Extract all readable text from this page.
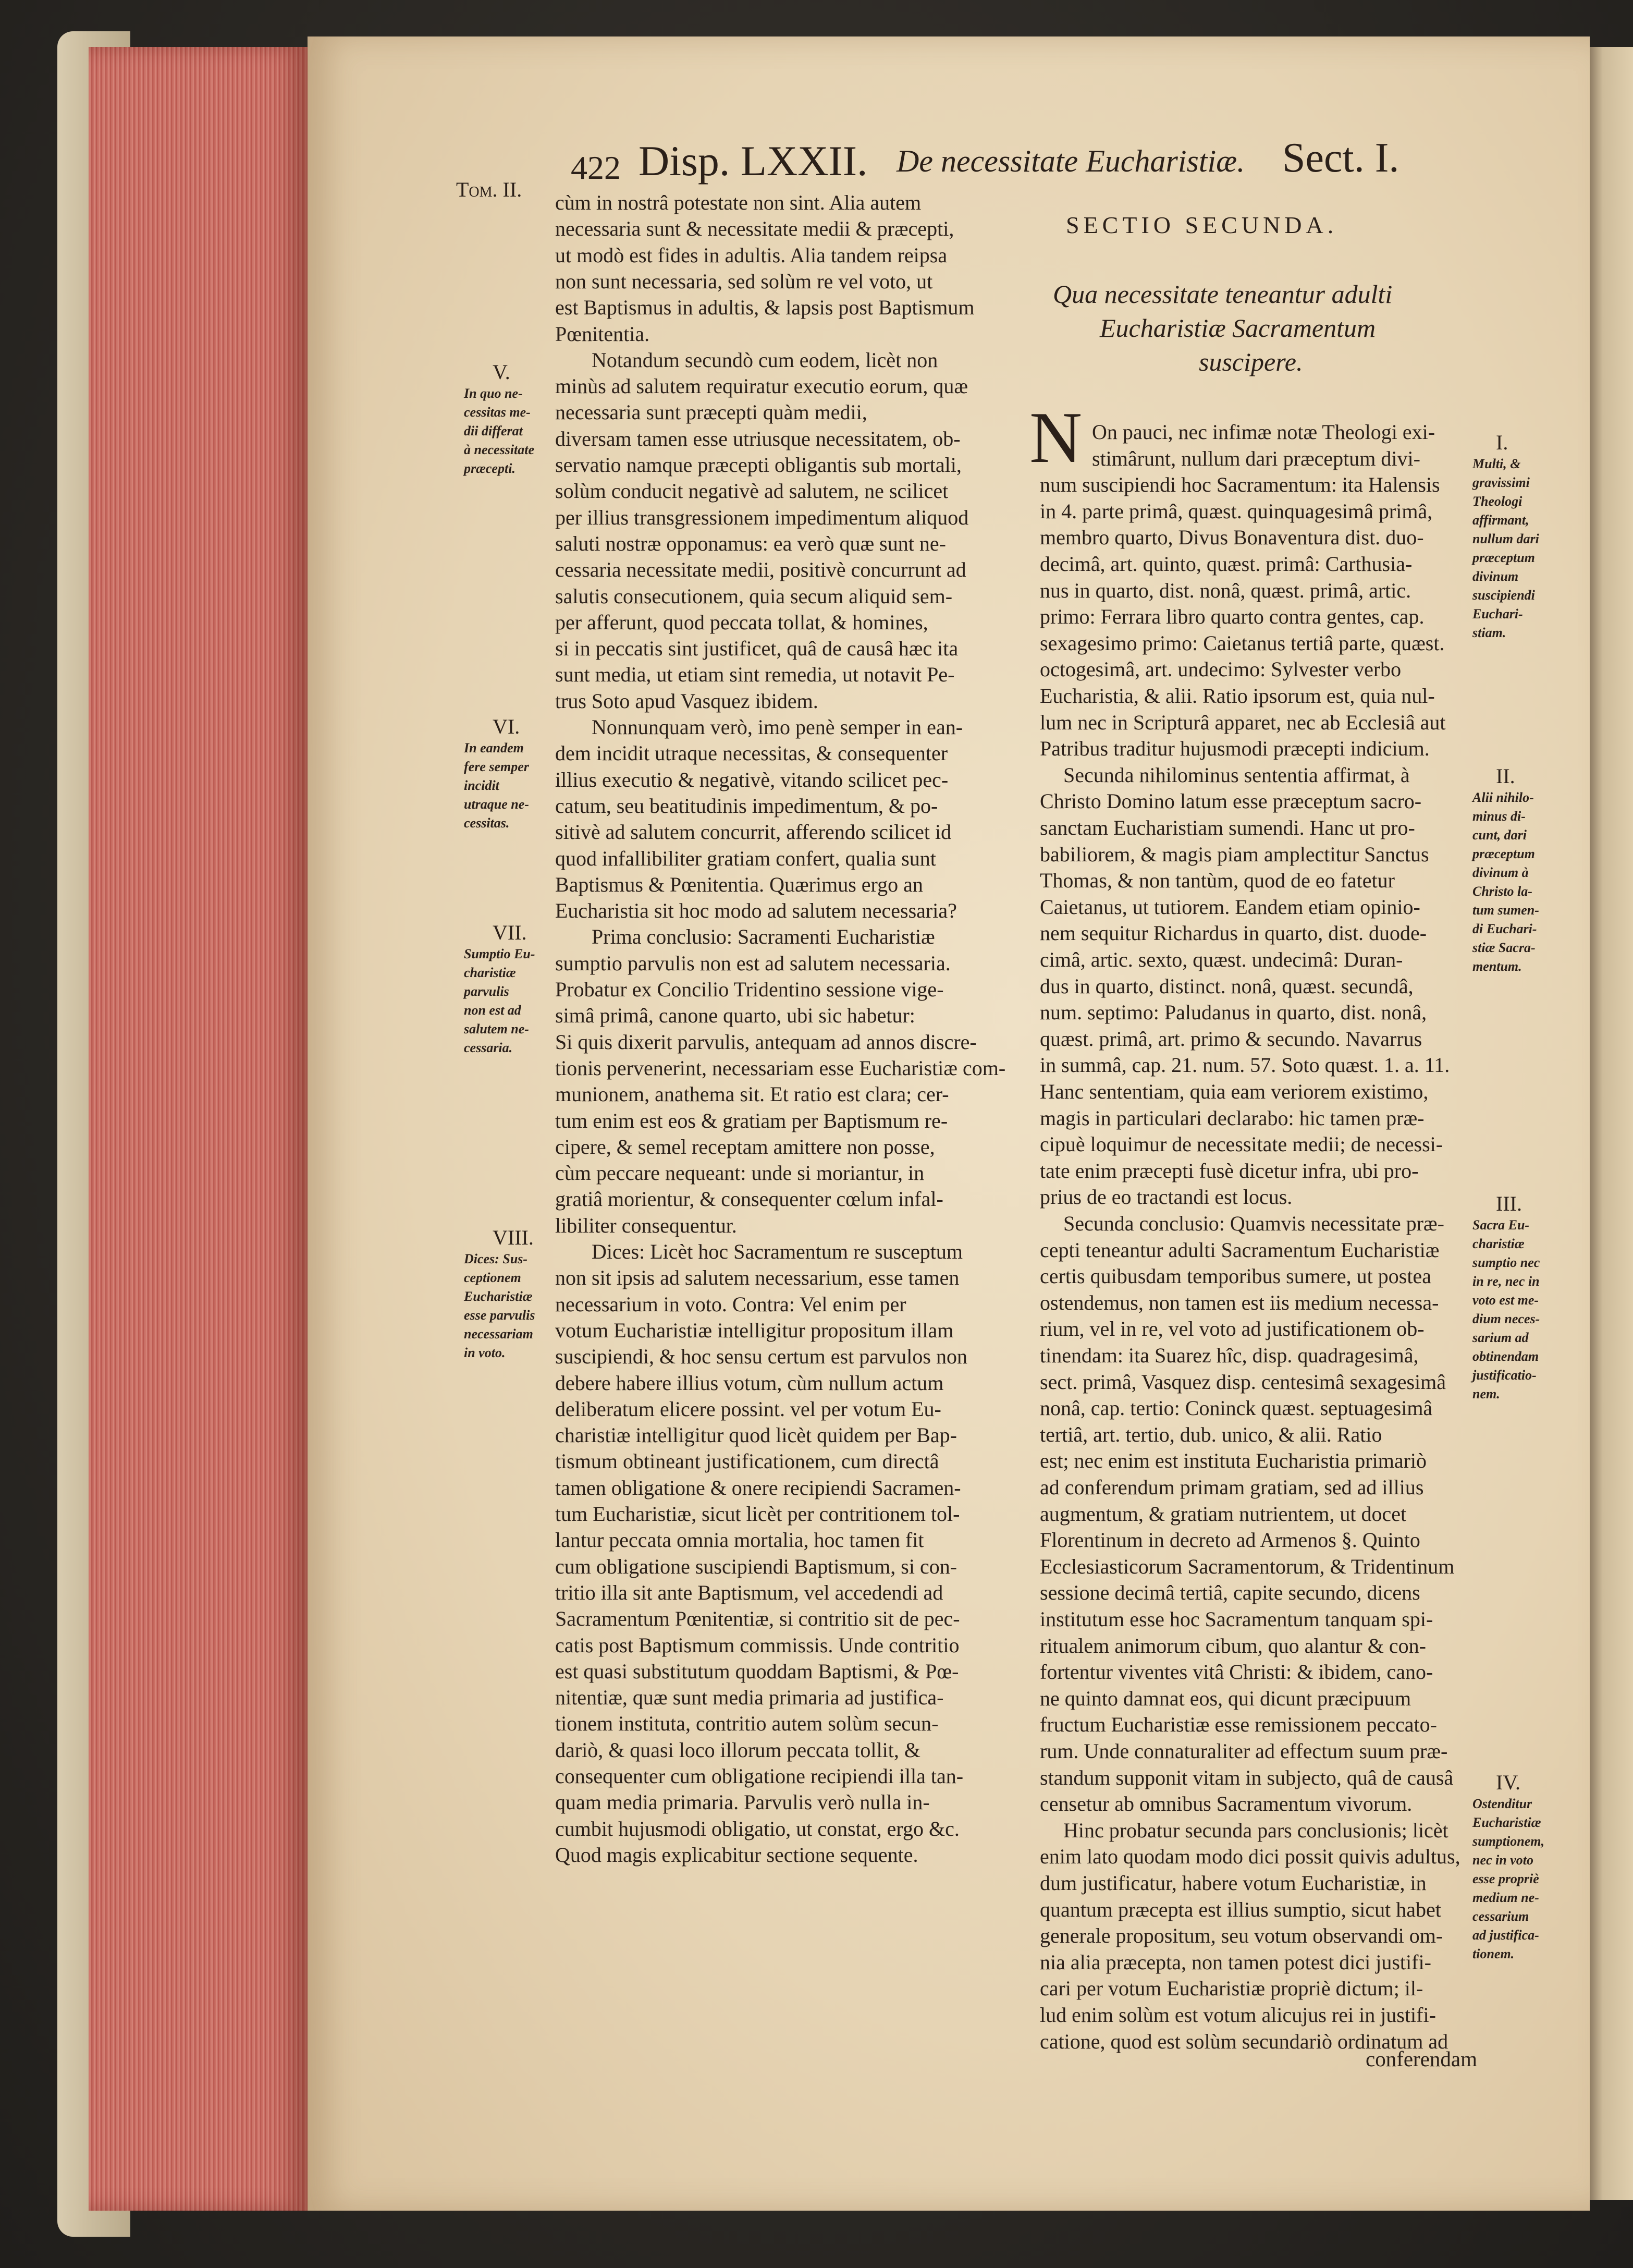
Tom. II.
422 Disp. LXXII. De necessitate Eucharistiæ. Sect. I.
cùm in nostrâ potestate non sint. Alia autem
necessaria sunt & necessitate medii & præcepti,
ut modò est fides in adultis. Alia tandem reipsa
non sunt necessaria, sed solùm re vel voto, ut
est Baptismus in adultis, & lapsis post Baptismum
Pœnitentia.
Notandum secundò cum eodem, licèt non
minùs ad salutem requiratur executio eorum, quæ
necessaria sunt præcepti quàm medii,
diversam tamen esse utriusque necessitatem, ob-
servatio namque præcepti obligantis sub mortali,
solùm conducit negativè ad salutem, ne scilicet
per illius transgressionem impedimentum aliquod
saluti nostræ opponamus: ea verò quæ sunt ne-
cessaria necessitate medii, positivè concurrunt ad
salutis consecutionem, quia secum aliquid sem-
per afferunt, quod peccata tollat, & homines,
si in peccatis sint justificet, quâ de causâ hæc ita
sunt media, ut etiam sint remedia, ut notavit Pe-
trus Soto apud Vasquez ibidem.
Nonnunquam verò, imo penè semper in ean-
dem incidit utraque necessitas, & consequenter
illius executio & negativè, vitando scilicet pec-
catum, seu beatitudinis impedimentum, & po-
sitivè ad salutem concurrit, afferendo scilicet id
quod infallibiliter gratiam confert, qualia sunt
Baptismus & Pœnitentia. Quærimus ergo an
Eucharistia sit hoc modo ad salutem necessaria?
Prima conclusio: Sacramenti Eucharistiæ
sumptio parvulis non est ad salutem necessaria.
Probatur ex Concilio Tridentino sessione vige-
simâ primâ, canone quarto, ubi sic habetur:
Si quis dixerit parvulis, antequam ad annos discre-
tionis pervenerint, necessariam esse Eucharistiæ com-
munionem, anathema sit. Et ratio est clara; cer-
tum enim est eos & gratiam per Baptismum re-
cipere, & semel receptam amittere non posse,
cùm peccare nequeant: unde si moriantur, in
gratiâ morientur, & consequenter cœlum infal-
libiliter consequentur.
Dices: Licèt hoc Sacramentum re susceptum
non sit ipsis ad salutem necessarium, esse tamen
necessarium in voto. Contra: Vel enim per
votum Eucharistiæ intelligitur propositum illam
suscipiendi, & hoc sensu certum est parvulos non
debere habere illius votum, cùm nullum actum
deliberatum elicere possint. vel per votum Eu-
charistiæ intelligitur quod licèt quidem per Bap-
tismum obtineant justificationem, cum directâ
tamen obligatione & onere recipiendi Sacramen-
tum Eucharistiæ, sicut licèt per contritionem tol-
lantur peccata omnia mortalia, hoc tamen fit
cum obligatione suscipiendi Baptismum, si con-
tritio illa sit ante Baptismum, vel accedendi ad
Sacramentum Pœnitentiæ, si contritio sit de pec-
catis post Baptismum commissis. Unde contritio
est quasi substitutum quoddam Baptismi, & Pœ-
nitentiæ, quæ sunt media primaria ad justifica-
tionem instituta, contritio autem solùm secun-
dariò, & quasi loco illorum peccata tollit, &
consequenter cum obligatione recipiendi illa tan-
quam media primaria. Parvulis verò nulla in-
cumbit hujusmodi obligatio, ut constat, ergo &c.
Quod magis explicabitur sectione sequente.
V.
In quo ne-
cessitas me-
dii differat
à necessitate
præcepti.
VI.
In eandem
fere semper
incidit
utraque ne-
cessitas.
VII.
Sumptio Eu-
charistiæ
parvulis
non est ad
salutem ne-
cessaria.
VIII.
Dices: Sus-
ceptionem
Eucharistiæ
esse parvulis
necessariam
in voto.
SECTIO SECUNDA.
Qua necessitate teneantur adulti
Eucharistiæ Sacramentum
suscipere.
N On pauci, nec infimæ notæ Theologi exi-
stimârunt, nullum dari præceptum divi-
num suscipiendi hoc Sacramentum: ita Halensis
in 4. parte primâ, quæst. quinquagesimâ primâ,
membro quarto, Divus Bonaventura dist. duo-
decimâ, art. quinto, quæst. primâ: Carthusia-
nus in quarto, dist. nonâ, quæst. primâ, artic.
primo: Ferrara libro quarto contra gentes, cap.
sexagesimo primo: Caietanus tertiâ parte, quæst.
octogesimâ, art. undecimo: Sylvester verbo
Eucharistia, & alii. Ratio ipsorum est, quia nul-
lum nec in Scripturâ apparet, nec ab Ecclesiâ aut
Patribus traditur hujusmodi præcepti indicium.
Secunda nihilominus sententia affirmat, à
Christo Domino latum esse præceptum sacro-
sanctam Eucharistiam sumendi. Hanc ut pro-
babiliorem, & magis piam amplectitur Sanctus
Thomas, & non tantùm, quod de eo fatetur
Caietanus, ut tutiorem. Eandem etiam opinio-
nem sequitur Richardus in quarto, dist. duode-
cimâ, artic. sexto, quæst. undecimâ: Duran-
dus in quarto, distinct. nonâ, quæst. secundâ,
num. septimo: Paludanus in quarto, dist. nonâ,
quæst. primâ, art. primo & secundo. Navarrus
in summâ, cap. 21. num. 57. Soto quæst. 1. a. 11.
Hanc sententiam, quia eam veriorem existimo,
magis in particulari declarabo: hic tamen præ-
cipuè loquimur de necessitate medii; de necessi-
tate enim præcepti fusè dicetur infra, ubi pro-
prius de eo tractandi est locus.
Secunda conclusio: Quamvis necessitate præ-
cepti teneantur adulti Sacramentum Eucharistiæ
certis quibusdam temporibus sumere, ut postea
ostendemus, non tamen est iis medium necessa-
rium, vel in re, vel voto ad justificationem ob-
tinendam: ita Suarez hîc, disp. quadragesimâ,
sect. primâ, Vasquez disp. centesimâ sexagesimâ
nonâ, cap. tertio: Coninck quæst. septuagesimâ
tertiâ, art. tertio, dub. unico, & alii. Ratio
est; nec enim est instituta Eucharistia primariò
ad conferendum primam gratiam, sed ad illius
augmentum, & gratiam nutrientem, ut docet
Florentinum in decreto ad Armenos §. Quinto
Ecclesiasticorum Sacramentorum, & Tridentinum
sessione decimâ tertiâ, capite secundo, dicens
institutum esse hoc Sacramentum tanquam spi-
ritualem animorum cibum, quo alantur & con-
fortentur viventes vitâ Christi: & ibidem, cano-
ne quinto damnat eos, qui dicunt præcipuum
fructum Eucharistiæ esse remissionem peccato-
rum. Unde connaturaliter ad effectum suum præ-
standum supponit vitam in subjecto, quâ de causâ
censetur ab omnibus Sacramentum vivorum.
Hinc probatur secunda pars conclusionis; licèt
enim lato quodam modo dici possit quivis adultus,
dum justificatur, habere votum Eucharistiæ, in
quantum præcepta est illius sumptio, sicut habet
generale propositum, seu votum observandi om-
nia alia præcepta, non tamen potest dici justifi-
cari per votum Eucharistiæ propriè dictum; il-
lud enim solùm est votum alicujus rei in justifi-
catione, quod est solùm secundariò ordinatum ad
I.
Multi, &
gravissimi
Theologi
affirmant,
nullum dari
præceptum
divinum
suscipiendi
Euchari-
stiam.
II.
Alii nihilo-
minus di-
cunt, dari
præceptum
divinum à
Christo la-
tum sumen-
di Euchari-
stiæ Sacra-
mentum.
III.
Sacra Eu-
charistiæ
sumptio nec
in re, nec in
voto est me-
dium neces-
sarium ad
obtinendam
justificatio-
nem.
IV.
Ostenditur
Eucharistiæ
sumptionem,
nec in voto
esse propriè
medium ne-
cessarium
ad justifica-
tionem.
conferendam
